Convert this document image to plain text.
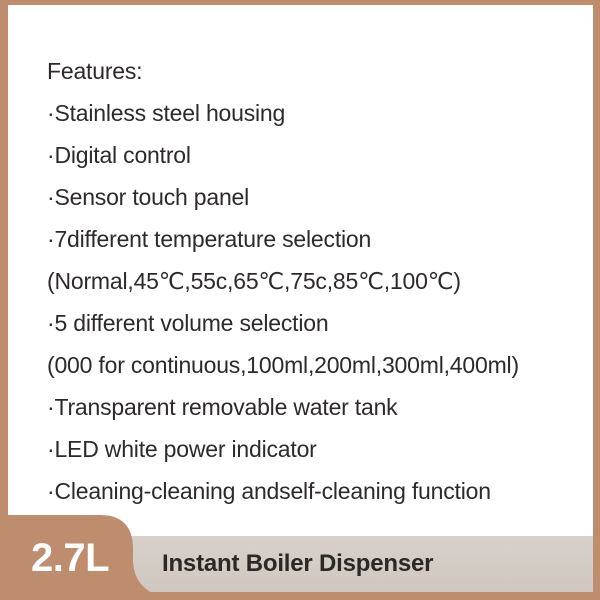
Features:
·Stainless steel housing
·Digital control
·Sensor touch panel
·7different temperature selection
(Normal,45℃,55c,65℃,75c,85℃,100℃)
·5 different volume selection
(000 for continuous,100ml,200ml,300ml,400ml)
·Transparent removable water tank
·LED white power indicator
·Cleaning-cleaning andself-cleaning function
Instant Boiler Dispenser
2.7L
